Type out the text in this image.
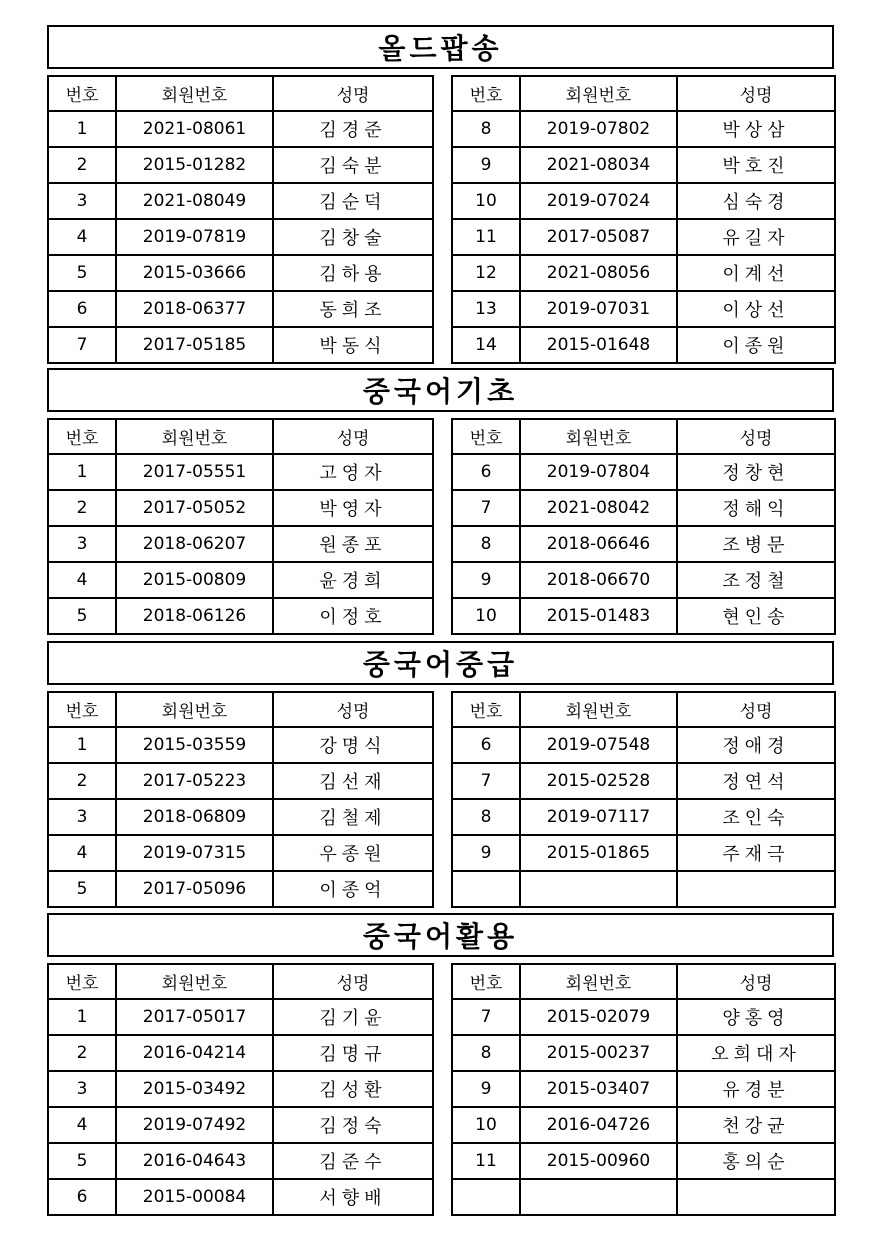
올드팝송
번호	회원번호	성명
1	2021-08061	김경준
2	2015-01282	김숙분
3	2021-08049	김순덕
4	2019-07819	김창술
5	2015-03666	김하용
6	2018-06377	동희조
7	2017-05185	박동식
번호	회원번호	성명
8	2019-07802	박상삼
9	2021-08034	박호진
10	2019-07024	심숙경
11	2017-05087	유길자
12	2021-08056	이계선
13	2019-07031	이상선
14	2015-01648	이종원
중국어기초
번호	회원번호	성명
1	2017-05551	고영자
2	2017-05052	박영자
3	2018-06207	원종포
4	2015-00809	윤경희
5	2018-06126	이정호
번호	회원번호	성명
6	2019-07804	정창현
7	2021-08042	정해익
8	2018-06646	조병문
9	2018-06670	조정철
10	2015-01483	현인송
중국어중급
번호	회원번호	성명
1	2015-03559	강명식
2	2017-05223	김선재
3	2018-06809	김철제
4	2019-07315	우종원
5	2017-05096	이종억
번호	회원번호	성명
6	2019-07548	정애경
7	2015-02528	정연석
8	2019-07117	조인숙
9	2015-01865	주재극

중국어활용
번호	회원번호	성명
1	2017-05017	김기윤
2	2016-04214	김명규
3	2015-03492	김성환
4	2019-07492	김정숙
5	2016-04643	김준수
6	2015-00084	서향배
번호	회원번호	성명
7	2015-02079	양홍영
8	2015-00237	오희대자
9	2015-03407	유경분
10	2016-04726	천강균
11	2015-00960	홍의순
